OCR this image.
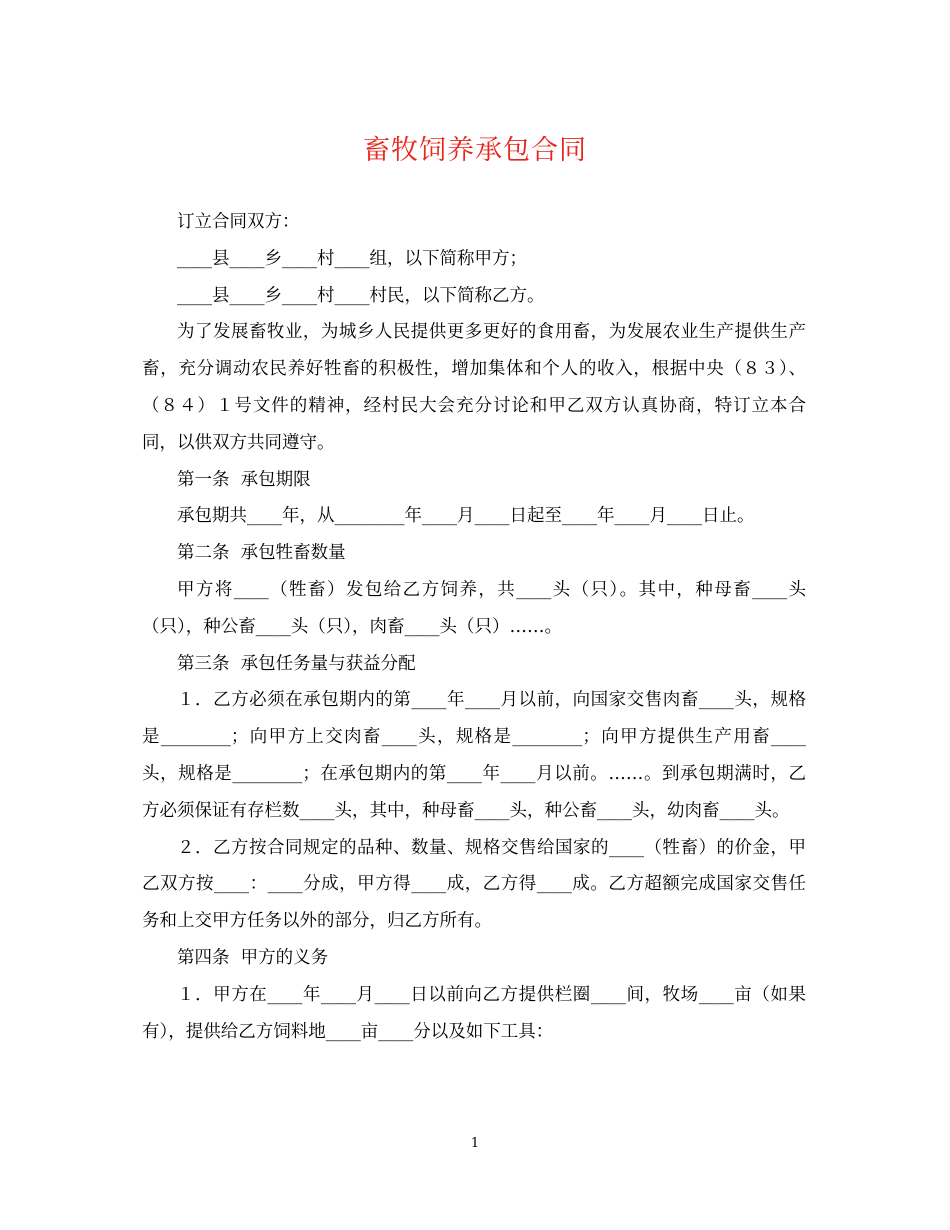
畜牧饲养承包合同

订立合同双方：

____县____乡____村____组，以下简称甲方；

____县____乡____村____村民，以下简称乙方。

为了发展畜牧业，为城乡人民提供更多更好的食用畜，为发展农业生产提供生产畜，充分调动农民养好牲畜的积极性，增加集体和个人的收入，根据中央（８３）、（８４）１号文件的精神，经村民大会充分讨论和甲乙双方认真协商，特订立本合同，以供双方共同遵守。

第一条  承包期限

承包期共____年，从________年____月____日起至____年____月____日止。

第二条  承包牲畜数量

甲方将____（牲畜）发包给乙方饲养，共____头（只）。其中，种母畜____头（只），种公畜____头（只），肉畜____头（只）……。

第三条  承包任务量与获益分配

１．乙方必须在承包期内的第____年____月以前，向国家交售肉畜____头，规格是________；向甲方上交肉畜____头，规格是________；向甲方提供生产用畜____头，规格是________；在承包期内的第____年____月以前。……。到承包期满时，乙方必须保证有存栏数____头，其中，种母畜____头，种公畜____头，幼肉畜____头。

２．乙方按合同规定的品种、数量、规格交售给国家的____（牲畜）的价金，甲乙双方按____：____分成，甲方得____成，乙方得____成。乙方超额完成国家交售任务和上交甲方任务以外的部分，归乙方所有。

第四条  甲方的义务

１．甲方在____年____月____日以前向乙方提供栏圈____间，牧场____亩（如果有），提供给乙方饲料地____亩____分以及如下工具：

1
